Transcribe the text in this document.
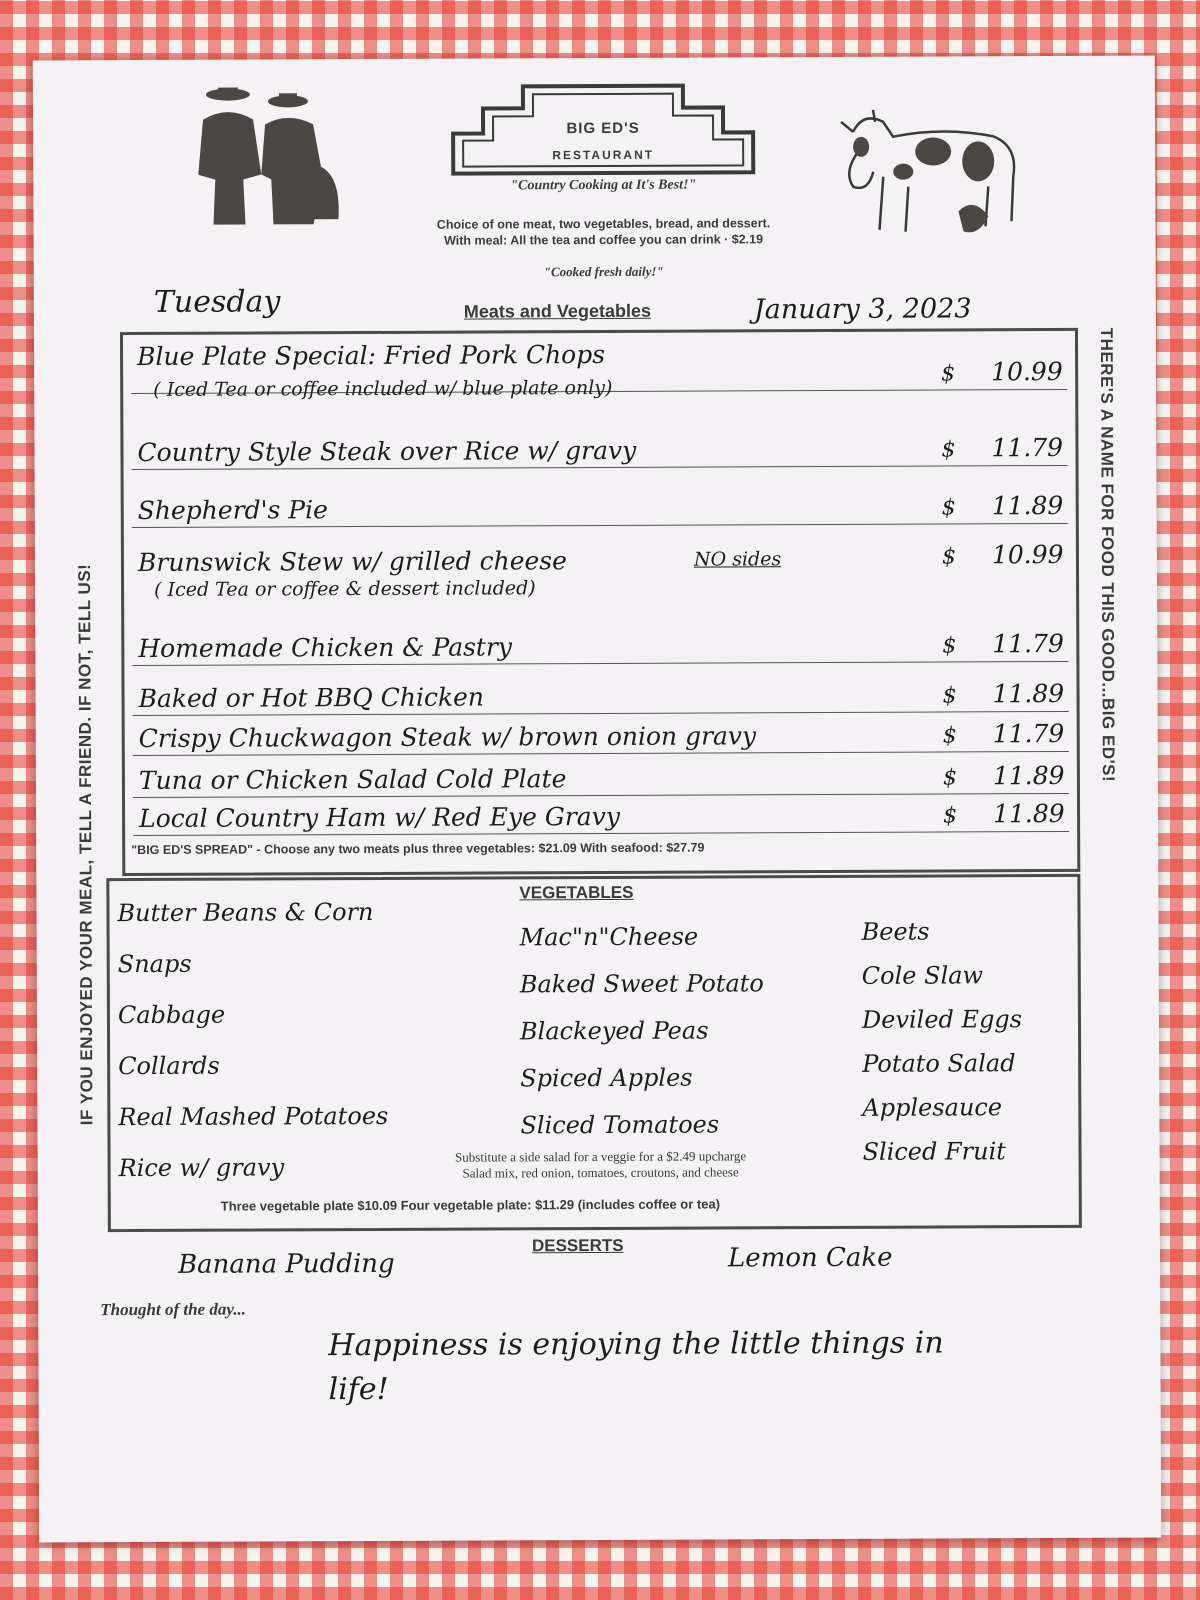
BIG ED'S
RESTAURANT
"Country Cooking at It's Best!"
Choice of one meat, two vegetables, bread, and dessert.
With meal: All the tea and coffee you can drink · $2.19
"Cooked fresh daily!"
Tuesday	Meats and Vegetables	January 3, 2023
IF YOU ENJOYED YOUR MEAL, TELL A FRIEND. IF NOT, TELL US!
THERE'S A NAME FOR FOOD THIS GOOD...BIG ED'S!
Blue Plate Special: Fried Pork Chops
( Iced Tea or coffee included w/ blue plate only)
$ 10.99
Country Style Steak over Rice w/ gravy	$ 11.79
Shepherd's Pie	$ 11.89
Brunswick Stew w/ grilled cheese	NO sides
( Iced Tea or coffee & dessert included)
$ 10.99
Homemade Chicken & Pastry	$ 11.79
Baked or Hot BBQ Chicken	$ 11.89
Crispy Chuckwagon Steak w/ brown onion gravy	$ 11.79
Tuna or Chicken Salad Cold Plate	$ 11.89
Local Country Ham w/ Red Eye Gravy	$ 11.89
"BIG ED'S SPREAD" - Choose any two meats plus three vegetables: $21.09 With seafood: $27.79
VEGETABLES
Butter Beans & Corn
Snaps
Cabbage
Collards
Real Mashed Potatoes
Rice w/ gravy
Mac"n"Cheese
Baked Sweet Potato
Blackeyed Peas
Spiced Apples
Sliced Tomatoes
Beets
Cole Slaw
Deviled Eggs
Potato Salad
Applesauce
Sliced Fruit
Substitute a side salad for a veggie for a $2.49 upcharge
Salad mix, red onion, tomatoes, croutons, and cheese
Three vegetable plate $10.09 Four vegetable plate: $11.29 (includes coffee or tea)
DESSERTS
Banana Pudding	Lemon Cake
Thought of the day...
Happiness is enjoying the little things in life!
